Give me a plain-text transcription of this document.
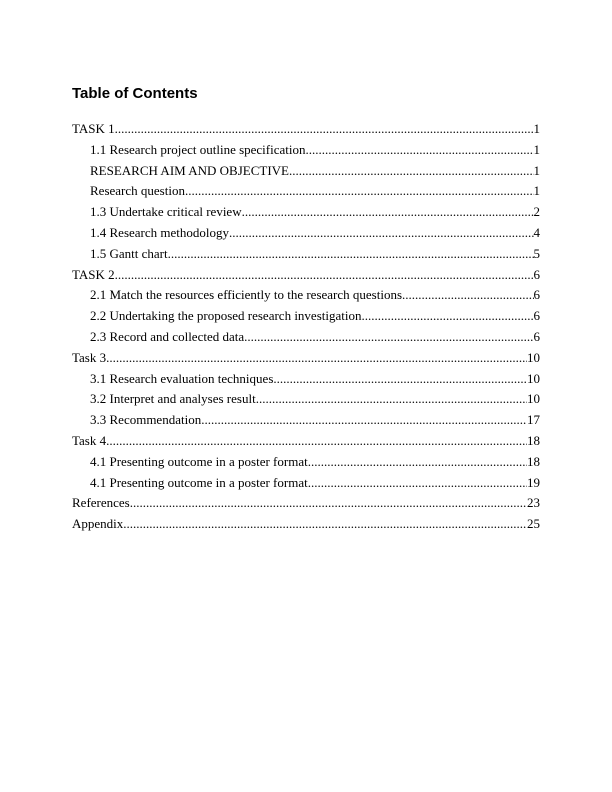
Table of Contents
TASK 1 .....	1
1.1 Research project outline specification .....	1
RESEARCH AIM AND OBJECTIVE .....	1
Research question .....	1
1.3 Undertake critical review .....	2
1.4 Research methodology .....	4
1.5 Gantt chart .....	5
TASK 2 .....	6
2.1 Match the resources efficiently to the research questions .....	6
2.2 Undertaking the proposed research investigation .....	6
2.3 Record and collected data .....	6
Task 3 .....	10
3.1 Research evaluation techniques .....	10
3.2 Interpret and analyses result .....	10
3.3 Recommendation .....	17
Task 4 .....	18
4.1 Presenting outcome in a poster format .....	18
4.1 Presenting outcome in a poster format .....	19
References .....	23
Appendix .....	25
